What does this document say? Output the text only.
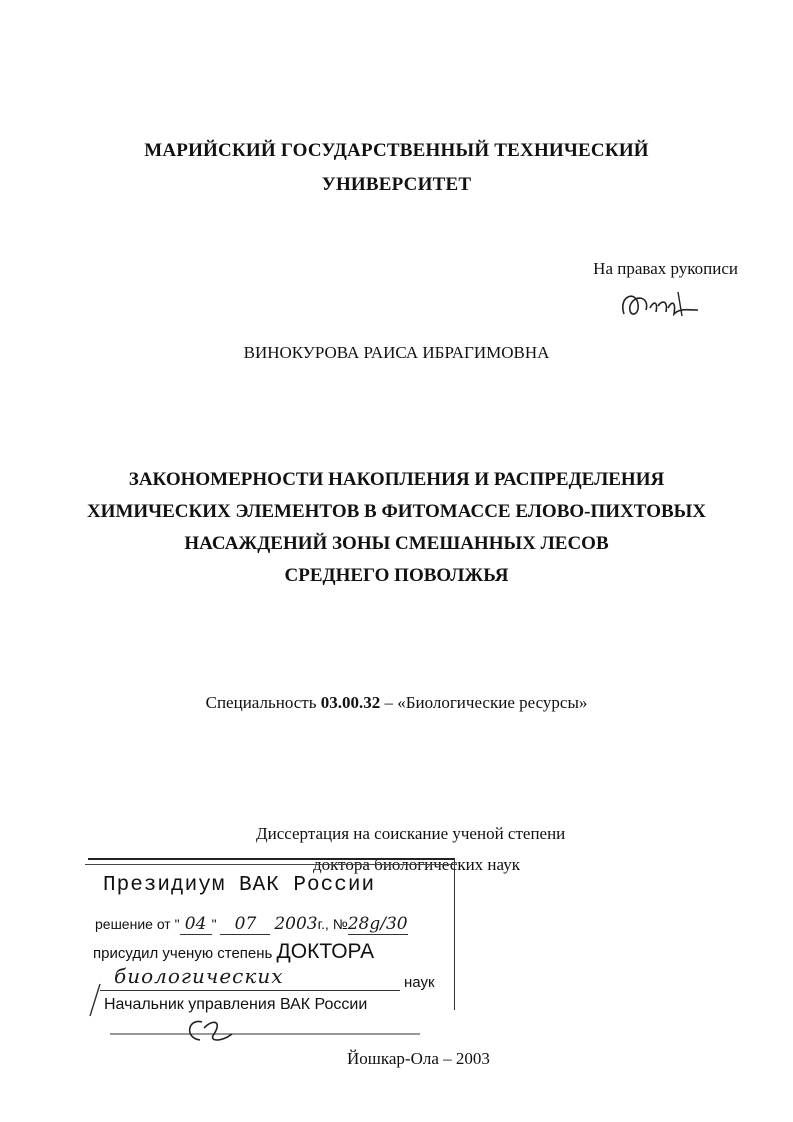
МАРИЙСКИЙ ГОСУДАРСТВЕННЫЙ ТЕХНИЧЕСКИЙ
УНИВЕРСИТЕТ
На правах рукописи
ВИНОКУРОВА РАИСА ИБРАГИМОВНА
ЗАКОНОМЕРНОСТИ НАКОПЛЕНИЯ И РАСПРЕДЕЛЕНИЯ
ХИМИЧЕСКИХ ЭЛЕМЕНТОВ В ФИТОМАССЕ ЕЛОВО-ПИХТОВЫХ
НАСАЖДЕНИЙ ЗОНЫ СМЕШАННЫХ ЛЕСОВ
СРЕДНЕГО ПОВОЛЖЬЯ
Специальность 03.00.32 – «Биологические ресурсы»
Диссертация на соискание ученой степени
доктора биологических наук
Президиум ВАК России
решение от " 04 " 07 2003г., №28g/30
присудил ученую степень ДОКТОРА
биологических	наук
Начальник управления ВАК России
Йошкар-Ола – 2003
